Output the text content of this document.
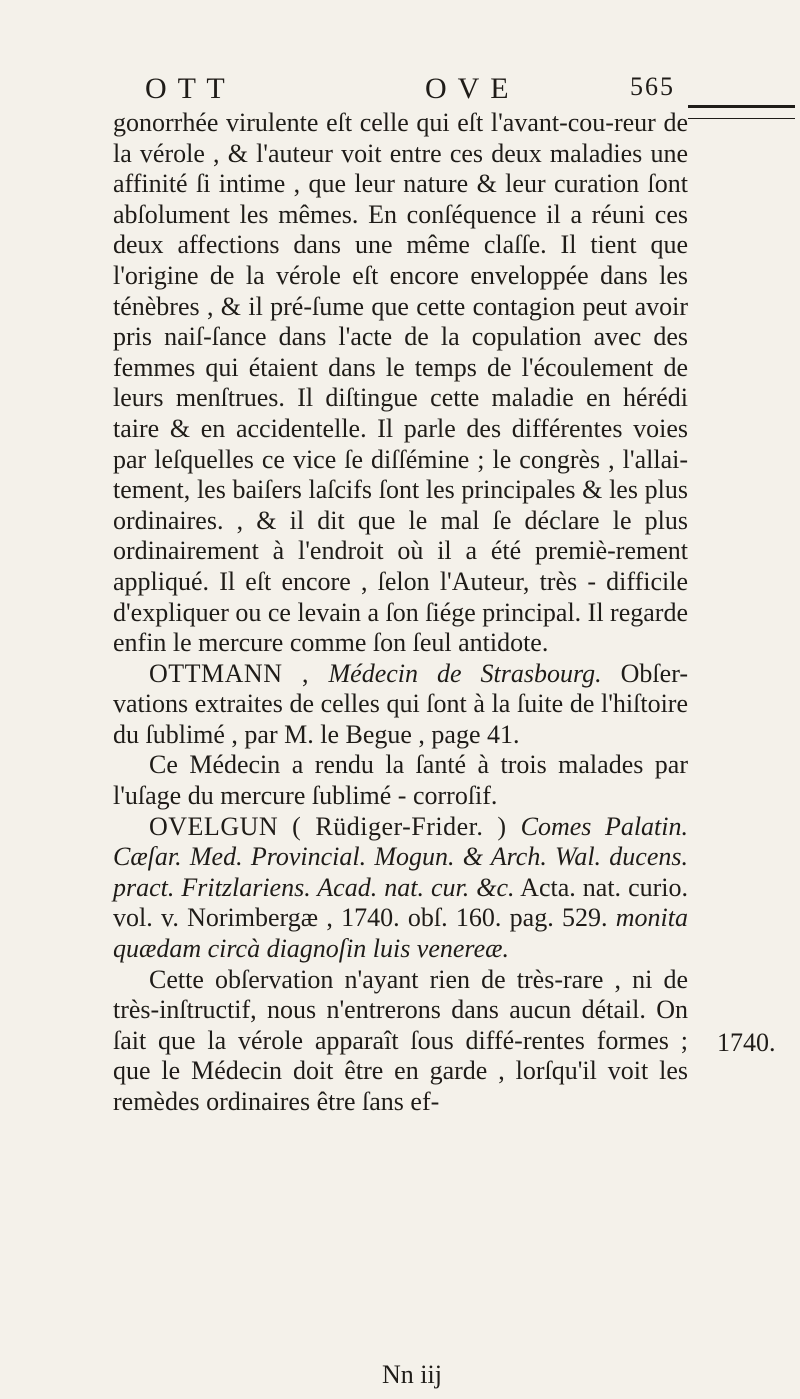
O T T	O V E	565

gonorrhée virulente eſt celle qui eſt l'avant-cou-reur de la vérole , & l'auteur voit entre ces deux maladies une affinité ſi intime , que leur nature & leur curation ſont abſolument les mêmes. En conſéquence il a réuni ces deux affections dans une même claſſe. Il tient que l'origine de la vérole eſt encore enveloppée dans les ténèbres , & il pré-ſume que cette contagion peut avoir pris naiſ-ſance dans l'acte de la copulation avec des femmes qui étaient dans le temps de l'écoulement de leurs menſtrues. Il diſtingue cette maladie en hérédi taire & en accidentelle. Il parle des différentes voies par leſquelles ce vice ſe diſſémine ; le congrès , l'allai-tement, les baiſers laſcifs ſont les principales & les plus ordinaires. , & il dit que le mal ſe déclare le plus ordinairement à l'endroit où il a été premiè-rement appliqué. Il eſt encore , ſelon l'Auteur, très - difficile d'expliquer ou ce levain a ſon ſiége principal. Il regarde enfin le mercure comme ſon ſeul antidote.

OTTMANN , Médecin de Strasbourg. Obſer-vations extraites de celles qui ſont à la ſuite de l'hiſtoire du ſublimé , par M. le Begue , page 41.

Ce Médecin a rendu la ſanté à trois malades par l'uſage du mercure ſublimé - corroſif.

OVELGUN ( Rüdiger-Frider. ) Comes Palatin. Cæſar. Med. Provincial. Mogun. & Arch. Wal. ducens. pract. Fritzlariens. Acad. nat. cur. &c. Acta. nat. curio. vol. v. Norimbergæ , 1740. obſ. 160. pag. 529. monita quædam circà diagnoſin luis venereæ.

Cette obſervation n'ayant rien de très-rare , ni de très-inſtructif, nous n'entrerons dans aucun détail. On ſait que la vérole apparaît ſous diffé-rentes formes ; que le Médecin doit être en garde , lorſqu'il voit les remèdes ordinaires être ſans ef-

1740.
Nn iij
